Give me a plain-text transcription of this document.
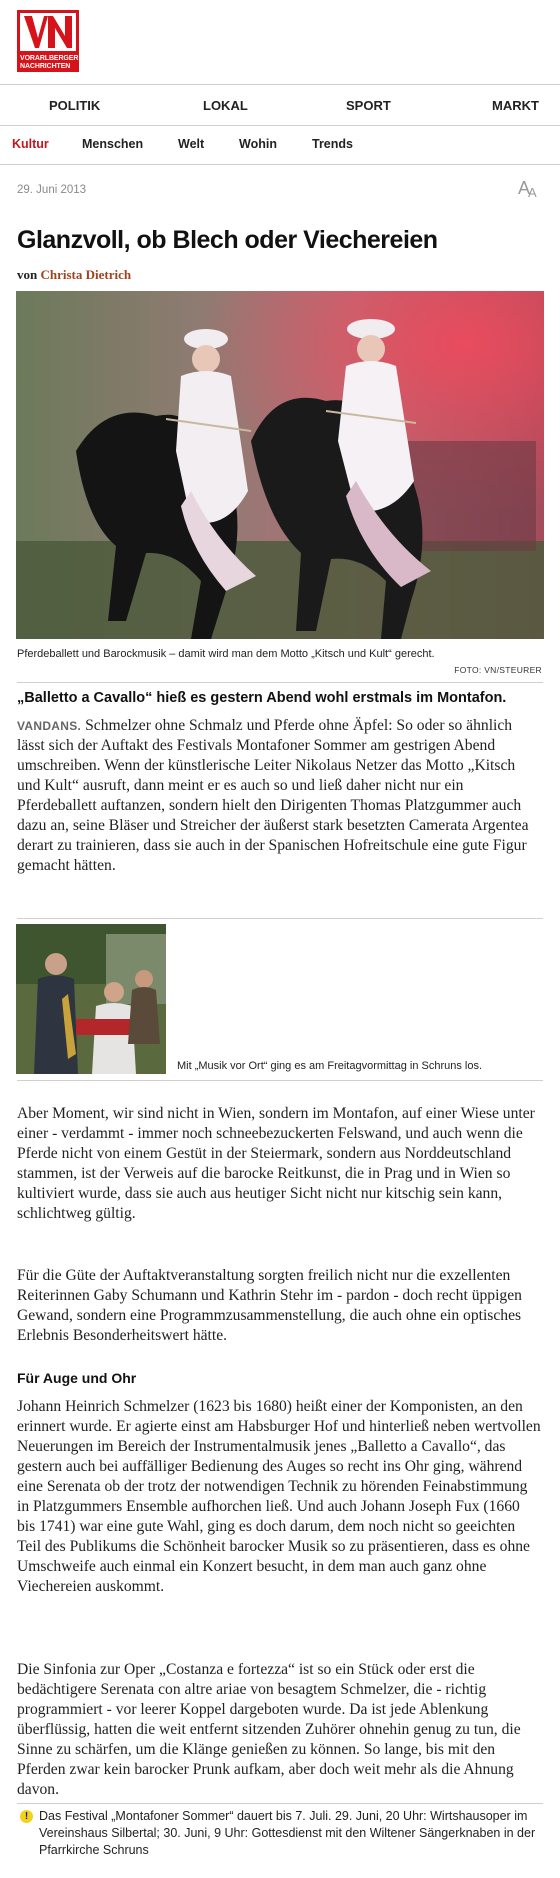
VORARLBERGER
NACHRICHTEN
POLITIK	LOKAL	SPORT	MARKT
Kultur	Menschen	Welt	Wohin	Trends
29. Juni 2013	A
A
Glanzvoll, ob Blech oder Viechereien
von Christa Dietrich
Pferdeballett und Barockmusik – damit wird man dem Motto „Kitsch und Kult“ gerecht.
FOTO: VN/STEURER
„Balletto a Cavallo“ hieß es gestern Abend wohl erstmals im Montafon.

VANDANS. Schmelzer ohne Schmalz und Pferde ohne Äpfel: So oder so ähnlich lässt sich der Auftakt des Festivals Montafoner Sommer am gestrigen Abend umschreiben. Wenn der künstlerische Leiter Nikolaus Netzer das Motto „Kitsch und Kult“ ausruft, dann meint er es auch so und ließ daher nicht nur ein Pferdeballett auftanzen, sondern hielt den Dirigenten Thomas Platzgummer auch dazu an, seine Bläser und Streicher der äußerst stark besetzten Camerata Argentea derart zu trainieren, dass sie auch in der Spanischen Hofreitschule eine gute Figur gemacht hätten.

Mit „Musik vor Ort“ ging es am Freitagvormittag in Schruns los.

Aber Moment, wir sind nicht in Wien, sondern im Montafon, auf einer Wiese unter einer - verdammt - immer noch schneebezuckerten Felswand, und auch wenn die Pferde nicht von einem Gestüt in der Steiermark, sondern aus Norddeutschland stammen, ist der Verweis auf die barocke Reitkunst, die in Prag und in Wien so kultiviert wurde, dass sie auch aus heutiger Sicht nicht nur kitschig sein kann, schlichtweg gültig.

Für die Güte der Auftaktveranstaltung sorgten freilich nicht nur die exzellenten Reiterinnen Gaby Schumann und Kathrin Stehr im - pardon - doch recht üppigen Gewand, sondern eine Programmzusammenstellung, die auch ohne ein optisches Erlebnis Besonderheitswert hätte.

Für Auge und Ohr

Johann Heinrich Schmelzer (1623 bis 1680) heißt einer der Komponisten, an den erinnert wurde. Er agierte einst am Habsburger Hof und hinterließ neben wertvollen Neuerungen im Bereich der Instrumentalmusik jenes „Balletto a Cavallo“, das gestern auch bei auffälliger Bedienung des Auges so recht ins Ohr ging, während eine Serenata ob der trotz der notwendigen Technik zu hörenden Feinabstimmung in Platzgummers Ensemble aufhorchen ließ. Und auch Johann Joseph Fux (1660 bis 1741) war eine gute Wahl, ging es doch darum, dem noch nicht so geeichten Teil des Publikums die Schönheit barocker Musik so zu präsentieren, dass es ohne Umschweife auch einmal ein Konzert besucht, in dem man auch ganz ohne Viechereien auskommt.

Die Sinfonia zur Oper „Costanza e fortezza“ ist so ein Stück oder erst die bedächtigere Serenata con altre ariae von besagtem Schmelzer, die - richtig programmiert - vor leerer Koppel dargeboten wurde. Da ist jede Ablenkung überflüssig, hatten die weit entfernt sitzenden Zuhörer ohnehin genug zu tun, die Sinne zu schärfen, um die Klänge genießen zu können. So lange, bis mit den Pferden zwar kein barocker Prunk aufkam, aber doch weit mehr als die Ahnung davon.

! Das Festival „Montafoner Sommer“ dauert bis 7. Juli. 29. Juni, 20 Uhr: Wirtshausoper im Vereinshaus Silbertal; 30. Juni, 9 Uhr: Gottesdienst mit den Wiltener Sängerknaben in der Pfarrkirche Schruns
